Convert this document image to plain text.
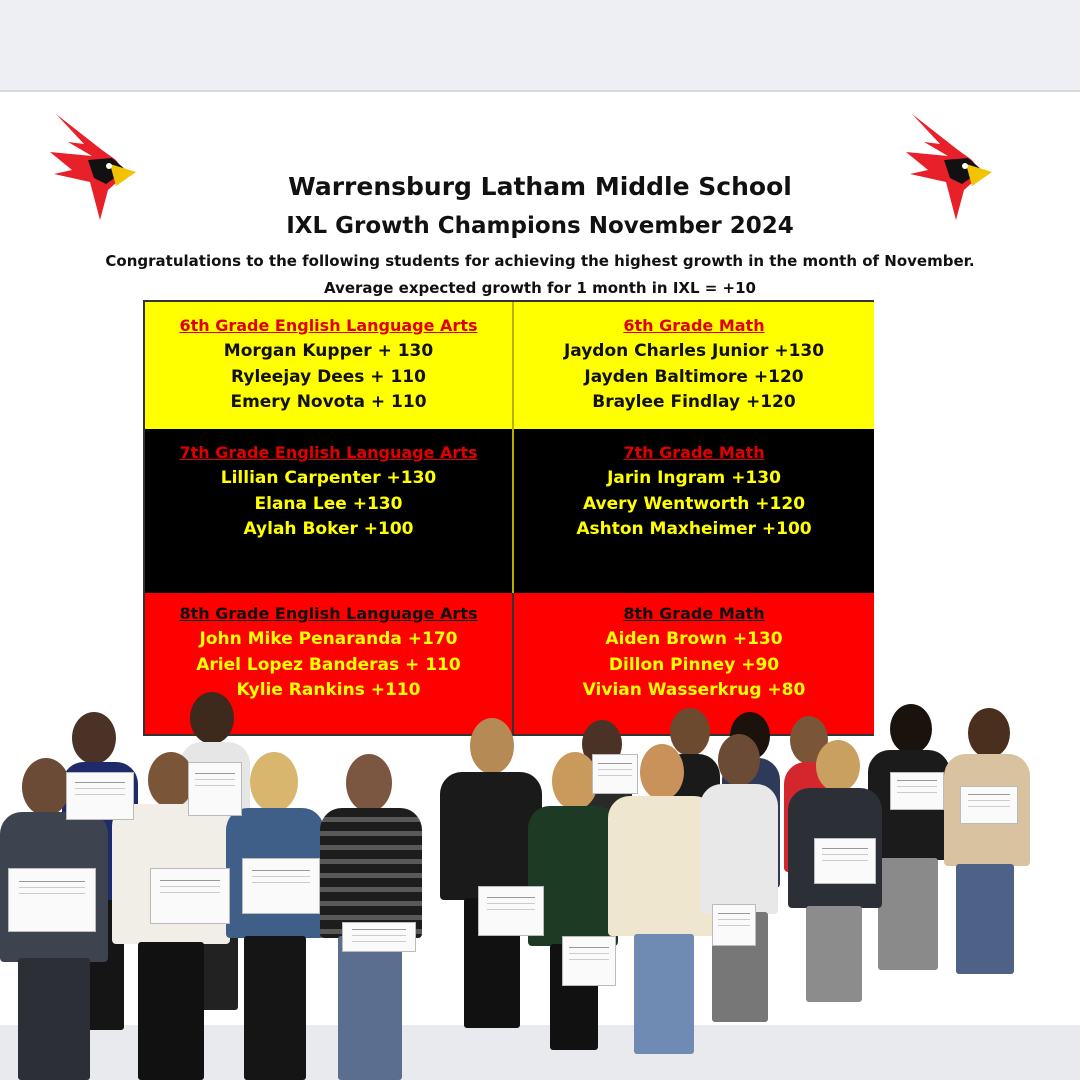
Warrensburg Latham Middle School
IXL Growth Champions November 2024
Congratulations to the following students for achieving the highest growth in the month of November.
Average expected growth for 1 month in IXL = +10
6th Grade English Language Arts
Morgan Kupper + 130
Ryleejay Dees + 110
Emery Novota + 110
6th Grade Math
Jaydon Charles Junior +130
Jayden Baltimore +120
Braylee Findlay +120
7th Grade English Language Arts
Lillian Carpenter +130
Elana Lee +130
Aylah Boker +100
7th Grade Math
Jarin Ingram +130
Avery Wentworth +120
Ashton Maxheimer +100
8th Grade English Language Arts
John Mike Penaranda +170
Ariel Lopez Banderas + 110
Kylie Rankins +110
8th Grade Math
Aiden Brown +130
Dillon Pinney +90
Vivian Wasserkrug +80
